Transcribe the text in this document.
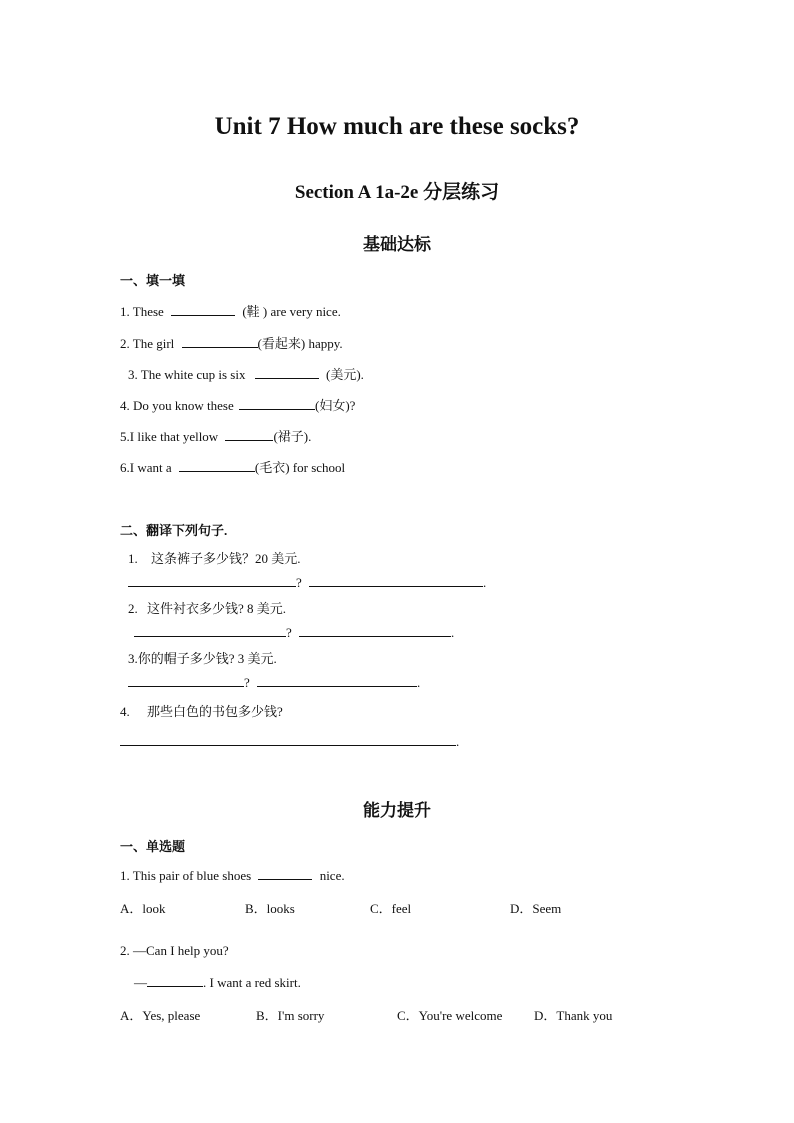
Unit 7 How much are these socks?
Section A 1a-2e 分层练习
基础达标
一、填一填
1. These	(鞋 ) are very nice.
2. The girl	(看起来) happy.
3. The white cup is six	(美元).
4. Do you know these	(妇女)?
5.I like that yellow	(裙子).
6.I want a	(毛衣) for school
二、翻译下列句子.
1. 这条裤子多少钱？20 美元.
?	.
2. 这件衬衣多少钱? 8 美元.
?	.
3.你的帽子多少钱? 3 美元.
?	.
4. 那些白色的书包多少钱?
.
能力提升
一、单选题
1. This pair of blue shoes	nice.
A．look	B．looks	C．feel	D．Seem
2. —Can I help you?
—	. I want a red skirt.
A．Yes, please	B．I'm sorry	C．You're welcome D．Thank you
